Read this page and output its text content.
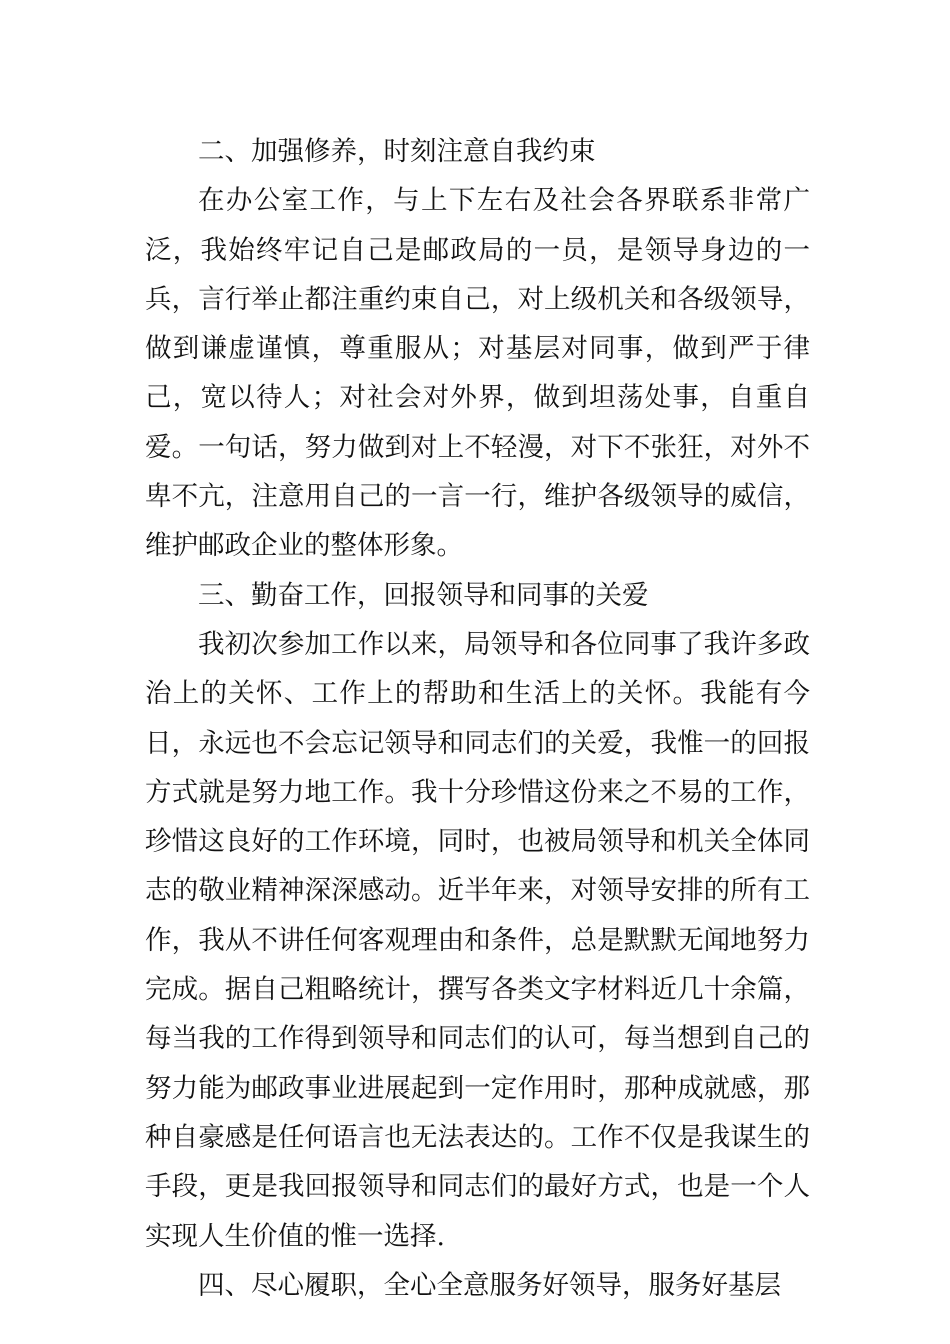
二、加强修养，时刻注意自我约束

在办公室工作，与上下左右及社会各界联系非常广泛，我始终牢记自己是邮政局的一员，是领导身边的一兵，言行举止都注重约束自己，对上级机关和各级领导，做到谦虚谨慎，尊重服从；对基层对同事，做到严于律己，宽以待人；对社会对外界，做到坦荡处事，自重自爱。一句话，努力做到对上不轻漫，对下不张狂，对外不卑不亢，注意用自己的一言一行，维护各级领导的威信，维护邮政企业的整体形象。

三、勤奋工作，回报领导和同事的关爱

我初次参加工作以来，局领导和各位同事了我许多政治上的关怀、工作上的帮助和生活上的关怀。我能有今日，永远也不会忘记领导和同志们的关爱，我惟一的回报方式就是努力地工作。我十分珍惜这份来之不易的工作，珍惜这良好的工作环境，同时，也被局领导和机关全体同志的敬业精神深深感动。近半年来，对领导安排的所有工作，我从不讲任何客观理由和条件，总是默默无闻地努力完成。据自己粗略统计，撰写各类文字材料近几十余篇，每当我的工作得到领导和同志们的认可，每当想到自己的努力能为邮政事业进展起到一定作用时，那种成就感，那种自豪感是任何语言也无法表达的。工作不仅是我谋生的手段，更是我回报领导和同志们的最好方式，也是一个人实现人生价值的惟一选择.

四、尽心履职，全心全意服务好领导，服务好基层
